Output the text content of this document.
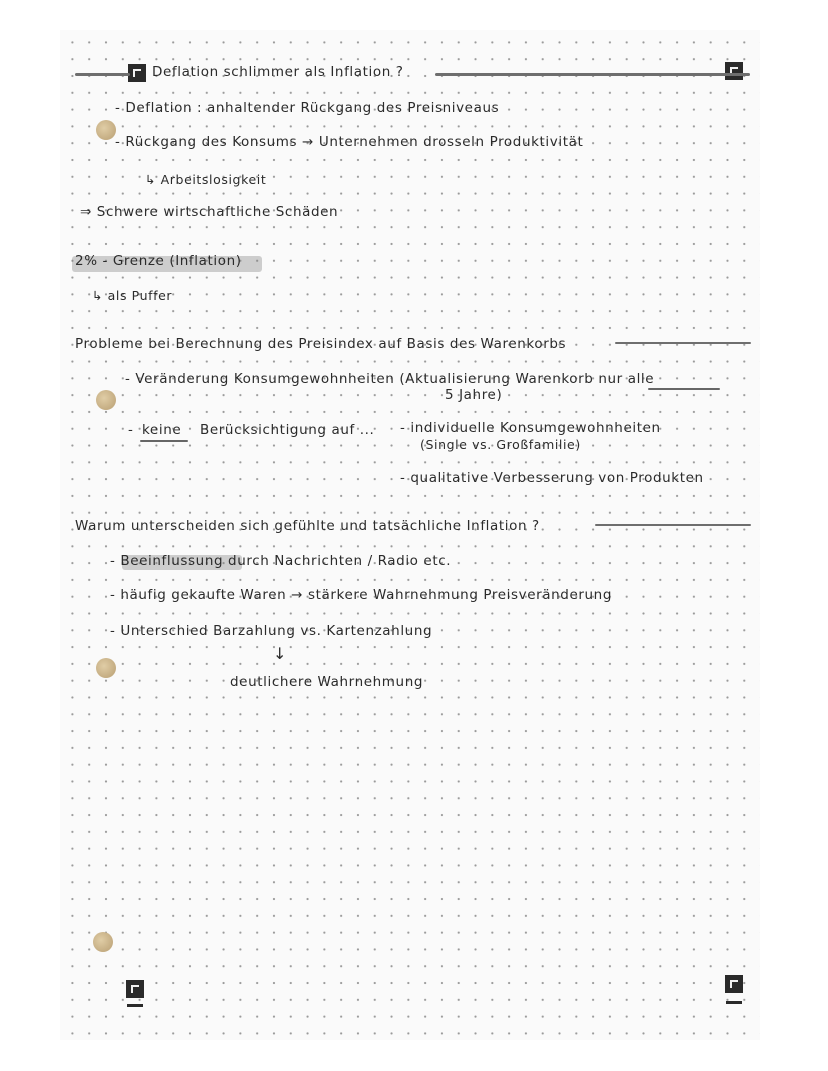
Deflation schlimmer als Inflation ?
- Deflation : anhaltender Rückgang des Preisniveaus
- Rückgang des Konsums → Unternehmen drosseln Produktivität
↳ Arbeitslosigkeit
⇒ Schwere wirtschaftliche Schäden
2% - Grenze (Inflation)
↳ als Puffer
Probleme bei Berechnung des Preisindex auf Basis des Warenkorbs
- Veränderung Konsumgewohnheiten (Aktualisierung Warenkorb nur alle
5 Jahre)
- keine Berücksichtigung auf ... - individuelle Konsumgewohnheiten
(Single vs. Großfamilie)
- qualitative Verbesserung von Produkten
Warum unterscheiden sich gefühlte und tatsächliche Inflation ?
- Beeinflussung durch Nachrichten / Radio etc.
- häufig gekaufte Waren → stärkere Wahrnehmung Preisveränderung
- Unterschied Barzahlung vs. Kartenzahlung
↓
deutlichere Wahrnehmung
